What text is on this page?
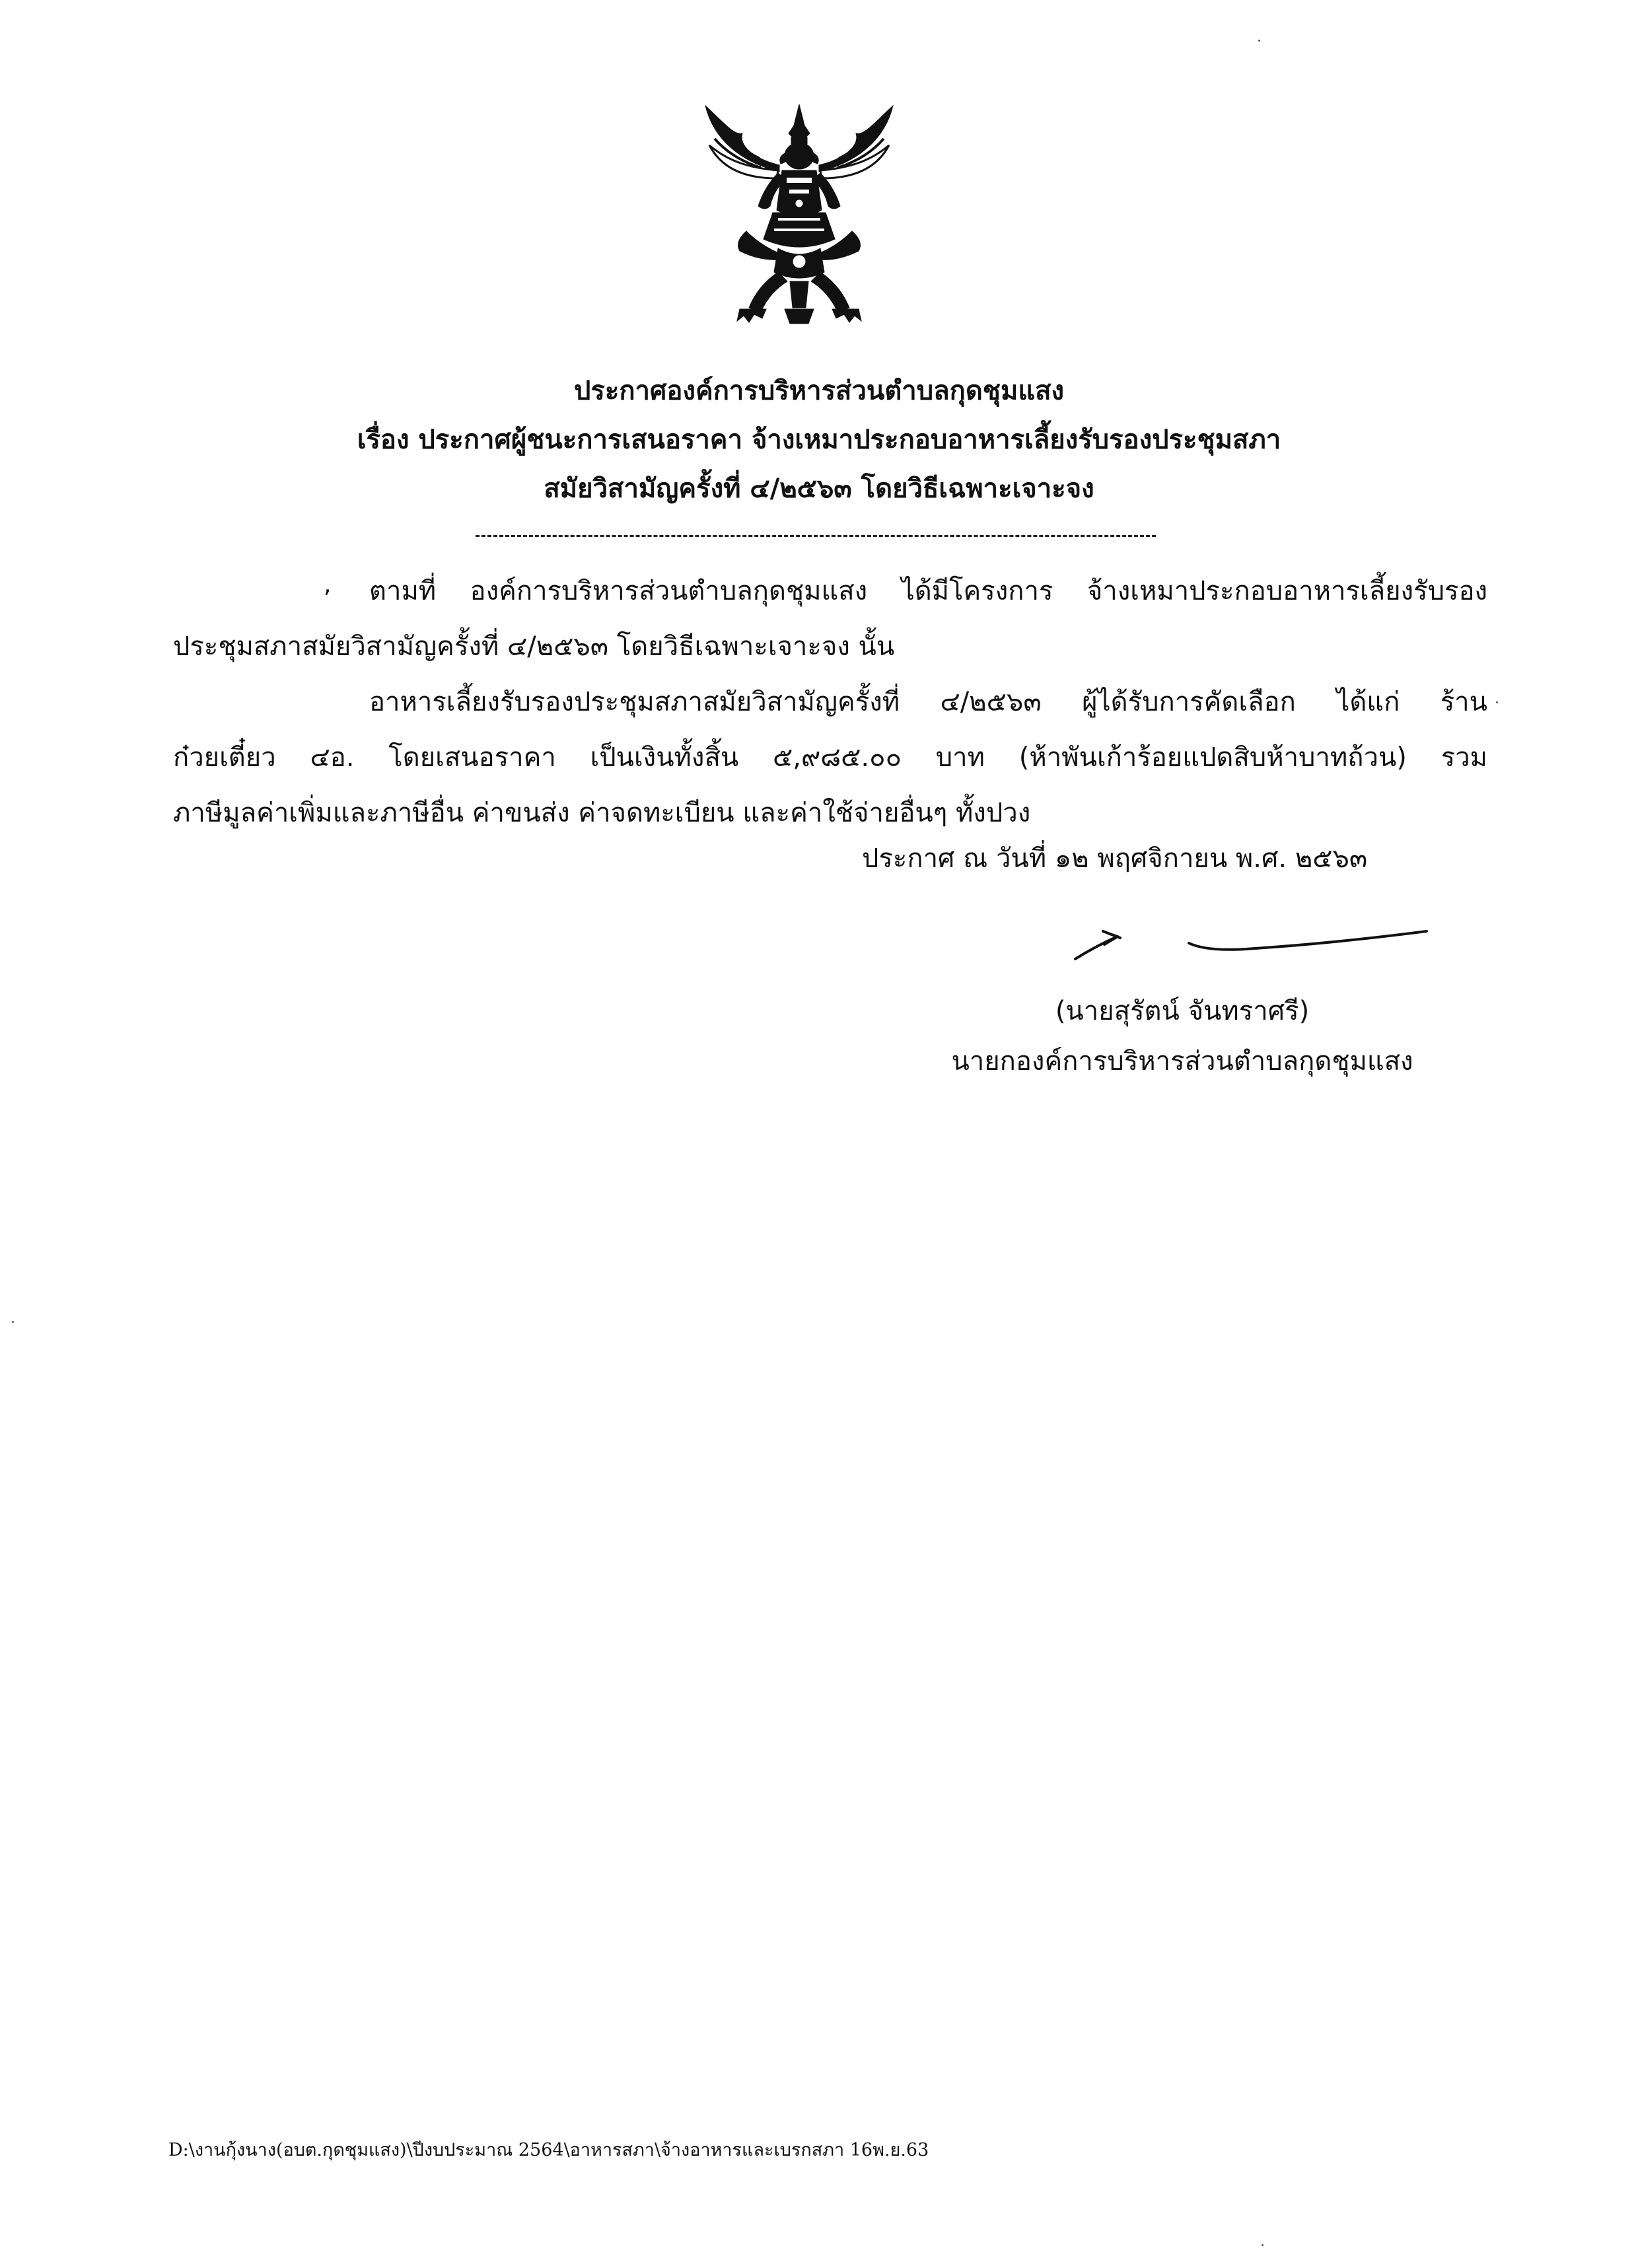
ประกาศองค์การบริหารส่วนตำบลกุดชุมแสง
เรื่อง ประกาศผู้ชนะการเสนอราคา จ้างเหมาประกอบอาหารเลี้ยงรับรองประชุมสภา
สมัยวิสามัญครั้งที่ ๔/๒๕๖๓ โดยวิธีเฉพาะเจาะจง
,	ตามที่ องค์การบริหารส่วนตำบลกุดชุมแสง ได้มีโครงการ จ้างเหมาประกอบอาหารเลี้ยงรับรอง
ประชุมสภาสมัยวิสามัญครั้งที่ ๔/๒๕๖๓ โดยวิธีเฉพาะเจาะจง นั้น
อาหารเลี้ยงรับรองประชุมสภาสมัยวิสามัญครั้งที่ ๔/๒๕๖๓ ผู้ได้รับการคัดเลือก ได้แก่ ร้าน
ก๋วยเตี๋ยว ๔อ. โดยเสนอราคา เป็นเงินทั้งสิ้น ๕,๙๘๕.๐๐ บาท (ห้าพันเก้าร้อยแปดสิบห้าบาทถ้วน) รวม
ภาษีมูลค่าเพิ่มและภาษีอื่น ค่าขนส่ง ค่าจดทะเบียน และค่าใช้จ่ายอื่นๆ ทั้งปวง
ประกาศ ณ วันที่ ๑๒ พฤศจิกายน พ.ศ. ๒๕๖๓
(นายสุรัตน์ จันทราศรี)
นายกองค์การบริหารส่วนตำบลกุดชุมแสง
D:\งานกุ้งนาง(อบต.กุดชุมแสง)\ปีงบประมาณ 2564\อาหารสภา\จ้างอาหารและเบรกสภา 16พ.ย.63
